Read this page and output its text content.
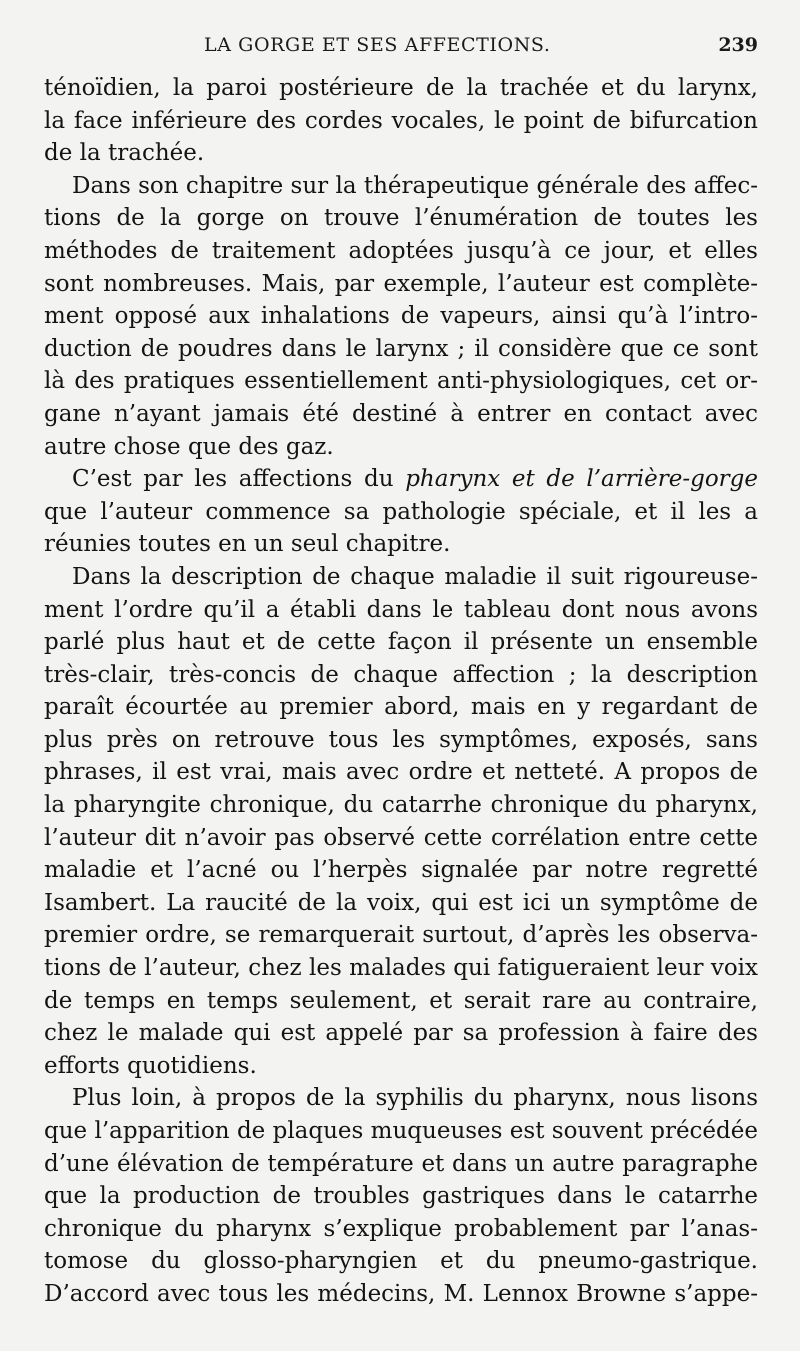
LA GORGE ET SES AFFECTIONS.	239
ténoïdien, la paroi postérieure de la trachée et du larynx,
la face inférieure des cordes vocales, le point de bifurcation
de la trachée.
Dans son chapitre sur la thérapeutique générale des affec-
tions de la gorge on trouve l’énumération de toutes les
méthodes de traitement adoptées jusqu’à ce jour, et elles
sont nombreuses. Mais, par exemple, l’auteur est complète-
ment opposé aux inhalations de vapeurs, ainsi qu’à l’intro-
duction de poudres dans le larynx ; il considère que ce sont
là des pratiques essentiellement anti-physiologiques, cet or-
gane n’ayant jamais été destiné à entrer en contact avec
autre chose que des gaz.
C’est par les affections du pharynx et de l’arrière-gorge
que l’auteur commence sa pathologie spéciale, et il les a
réunies toutes en un seul chapitre.
Dans la description de chaque maladie il suit rigoureuse-
ment l’ordre qu’il a établi dans le tableau dont nous avons
parlé plus haut et de cette façon il présente un ensemble
très-clair, très-concis de chaque affection ; la description
paraît écourtée au premier abord, mais en y regardant de
plus près on retrouve tous les symptômes, exposés, sans
phrases, il est vrai, mais avec ordre et netteté. A propos de
la pharyngite chronique, du catarrhe chronique du pharynx,
l’auteur dit n’avoir pas observé cette corrélation entre cette
maladie et l’acné ou l’herpès signalée par notre regretté
Isambert. La raucité de la voix, qui est ici un symptôme de
premier ordre, se remarquerait surtout, d’après les observa-
tions de l’auteur, chez les malades qui fatigueraient leur voix
de temps en temps seulement, et serait rare au contraire,
chez le malade qui est appelé par sa profession à faire des
efforts quotidiens.
Plus loin, à propos de la syphilis du pharynx, nous lisons
que l’apparition de plaques muqueuses est souvent précédée
d’une élévation de température et dans un autre paragraphe
que la production de troubles gastriques dans le catarrhe
chronique du pharynx s’explique probablement par l’anas-
tomose du glosso-pharyngien et du pneumo-gastrique.
D’accord avec tous les médecins, M. Lennox Browne s’appe-
